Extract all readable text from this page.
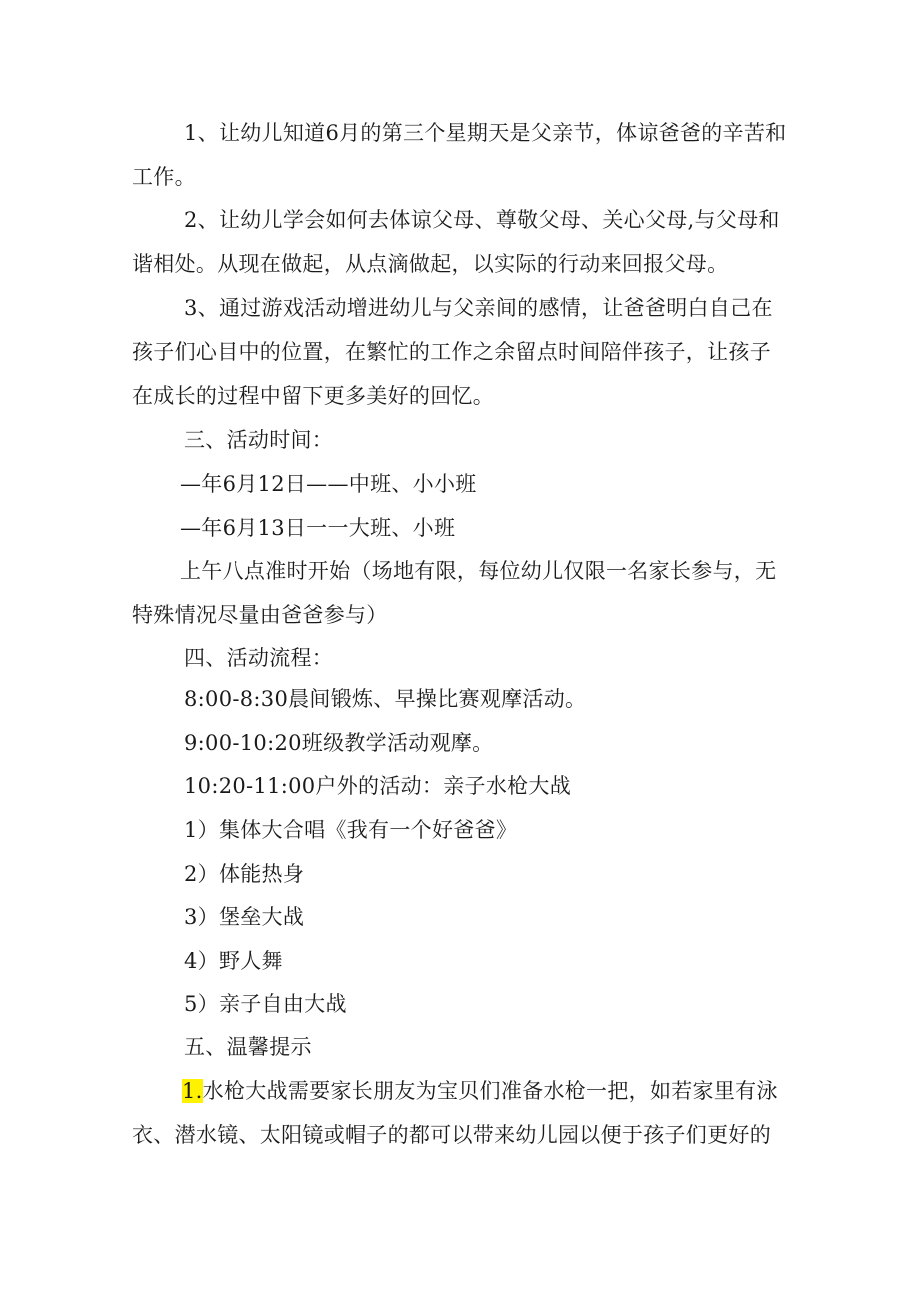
1、让幼儿知道6月的第三个星期天是父亲节，体谅爸爸的辛苦和
工作。
2、让幼儿学会如何去体谅父母、尊敬父母、关心父母,与父母和
谐相处。从现在做起，从点滴做起，以实际的行动来回报父母。
3、通过游戏活动增进幼儿与父亲间的感情，让爸爸明白自己在
孩子们心目中的位置，在繁忙的工作之余留点时间陪伴孩子，让孩子
在成长的过程中留下更多美好的回忆。
三、活动时间：
—年6月12日——中班、小小班
—年6月13日一一大班、小班
上午八点准时开始（场地有限，每位幼儿仅限一名家长参与，无
特殊情况尽量由爸爸参与）
四、活动流程：
8:00-8:30晨间锻炼、早操比赛观摩活动。
9:00-10:20班级教学活动观摩。
10:20-11:00户外的活动：亲子水枪大战
1）集体大合唱《我有一个好爸爸》
2）体能热身
3）堡垒大战
4）野人舞
5）亲子自由大战
五、温馨提示
1.水枪大战需要家长朋友为宝贝们准备水枪一把，如若家里有泳
衣、潜水镜、太阳镜或帽子的都可以带来幼儿园以便于孩子们更好的
